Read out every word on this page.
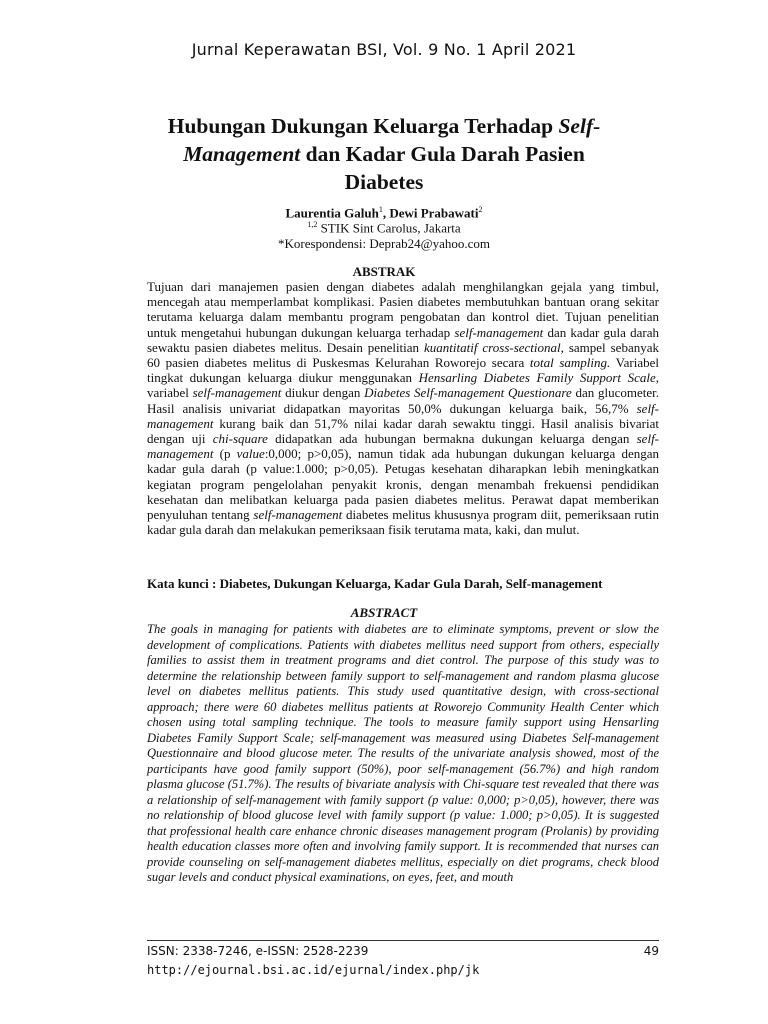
Jurnal Keperawatan BSI, Vol. 9 No. 1 April 2021
Hubungan Dukungan Keluarga Terhadap Self-Management dan Kadar Gula Darah Pasien Diabetes
Laurentia Galuh$^1$, Dewi Prabawati$^2$
$^{1,2}$ STIK Sint Carolus, Jakarta
*Korespondensi: Deprab24@yahoo.com
ABSTRAK

Tujuan dari manajemen pasien dengan diabetes adalah menghilangkan gejala yang timbul, mencegah atau memperlambat komplikasi. Pasien diabetes membutuhkan bantuan orang sekitar terutama keluarga dalam membantu program pengobatan dan kontrol diet. Tujuan penelitian untuk mengetahui hubungan dukungan keluarga terhadap self-management dan kadar gula darah sewaktu pasien diabetes melitus. Desain penelitian kuantitatif cross-sectional, sampel sebanyak 60 pasien diabetes melitus di Puskesmas Kelurahan Roworejo secara total sampling. Variabel tingkat dukungan keluarga diukur menggunakan Hensarling Diabetes Family Support Scale, variabel self-management diukur dengan Diabetes Self-management Questionare dan glucometer. Hasil analisis univariat didapatkan mayoritas 50,0% dukungan keluarga baik, 56,7% self-management kurang baik dan 51,7% nilai kadar darah sewaktu tinggi. Hasil analisis bivariat dengan uji chi-square didapatkan ada hubungan bermakna dukungan keluarga dengan self-management (p value:0,000; p>0,05), namun tidak ada hubungan dukungan keluarga dengan kadar gula darah (p value:1.000; p>0,05). Petugas kesehatan diharapkan lebih meningkatkan kegiatan program pengelolahan penyakit kronis, dengan menambah frekuensi pendidikan kesehatan dan melibatkan keluarga pada pasien diabetes melitus. Perawat dapat memberikan penyuluhan tentang self-management diabetes melitus khususnya program diit, pemeriksaan rutin kadar gula darah dan melakukan pemeriksaan fisik terutama mata, kaki, dan mulut.

Kata kunci : Diabetes, Dukungan Keluarga, Kadar Gula Darah, Self-management

ABSTRACT

The goals in managing for patients with diabetes are to eliminate symptoms, prevent or slow the development of complications. Patients with diabetes mellitus need support from others, especially families to assist them in treatment programs and diet control. The purpose of this study was to determine the relationship between family support to self-management and random plasma glucose level on diabetes mellitus patients. This study used quantitative design, with cross-sectional approach; there were 60 diabetes mellitus patients at Roworejo Community Health Center which chosen using total sampling technique. The tools to measure family support using Hensarling Diabetes Family Support Scale; self-management was measured using Diabetes Self-management Questionnaire and blood glucose meter. The results of the univariate analysis showed, most of the participants have good family support (50%), poor self-management (56.7%) and high random plasma glucose (51.7%). The results of bivariate analysis with Chi-square test revealed that there was a relationship of self-management with family support (p value: 0,000; p>0,05), however, there was no relationship of blood glucose level with family support (p value: 1.000; p>0,05). It is suggested that professional health care enhance chronic diseases management program (Prolanis) by providing health education classes more often and involving family support. It is recommended that nurses can provide counseling on self-management diabetes mellitus, especially on diet programs, check blood sugar levels and conduct physical examinations, on eyes, feet, and mouth

ISSN: 2338-7246, e-ISSN: 2528-2239
http://ejournal.bsi.ac.id/ejurnal/index.php/jk
49
